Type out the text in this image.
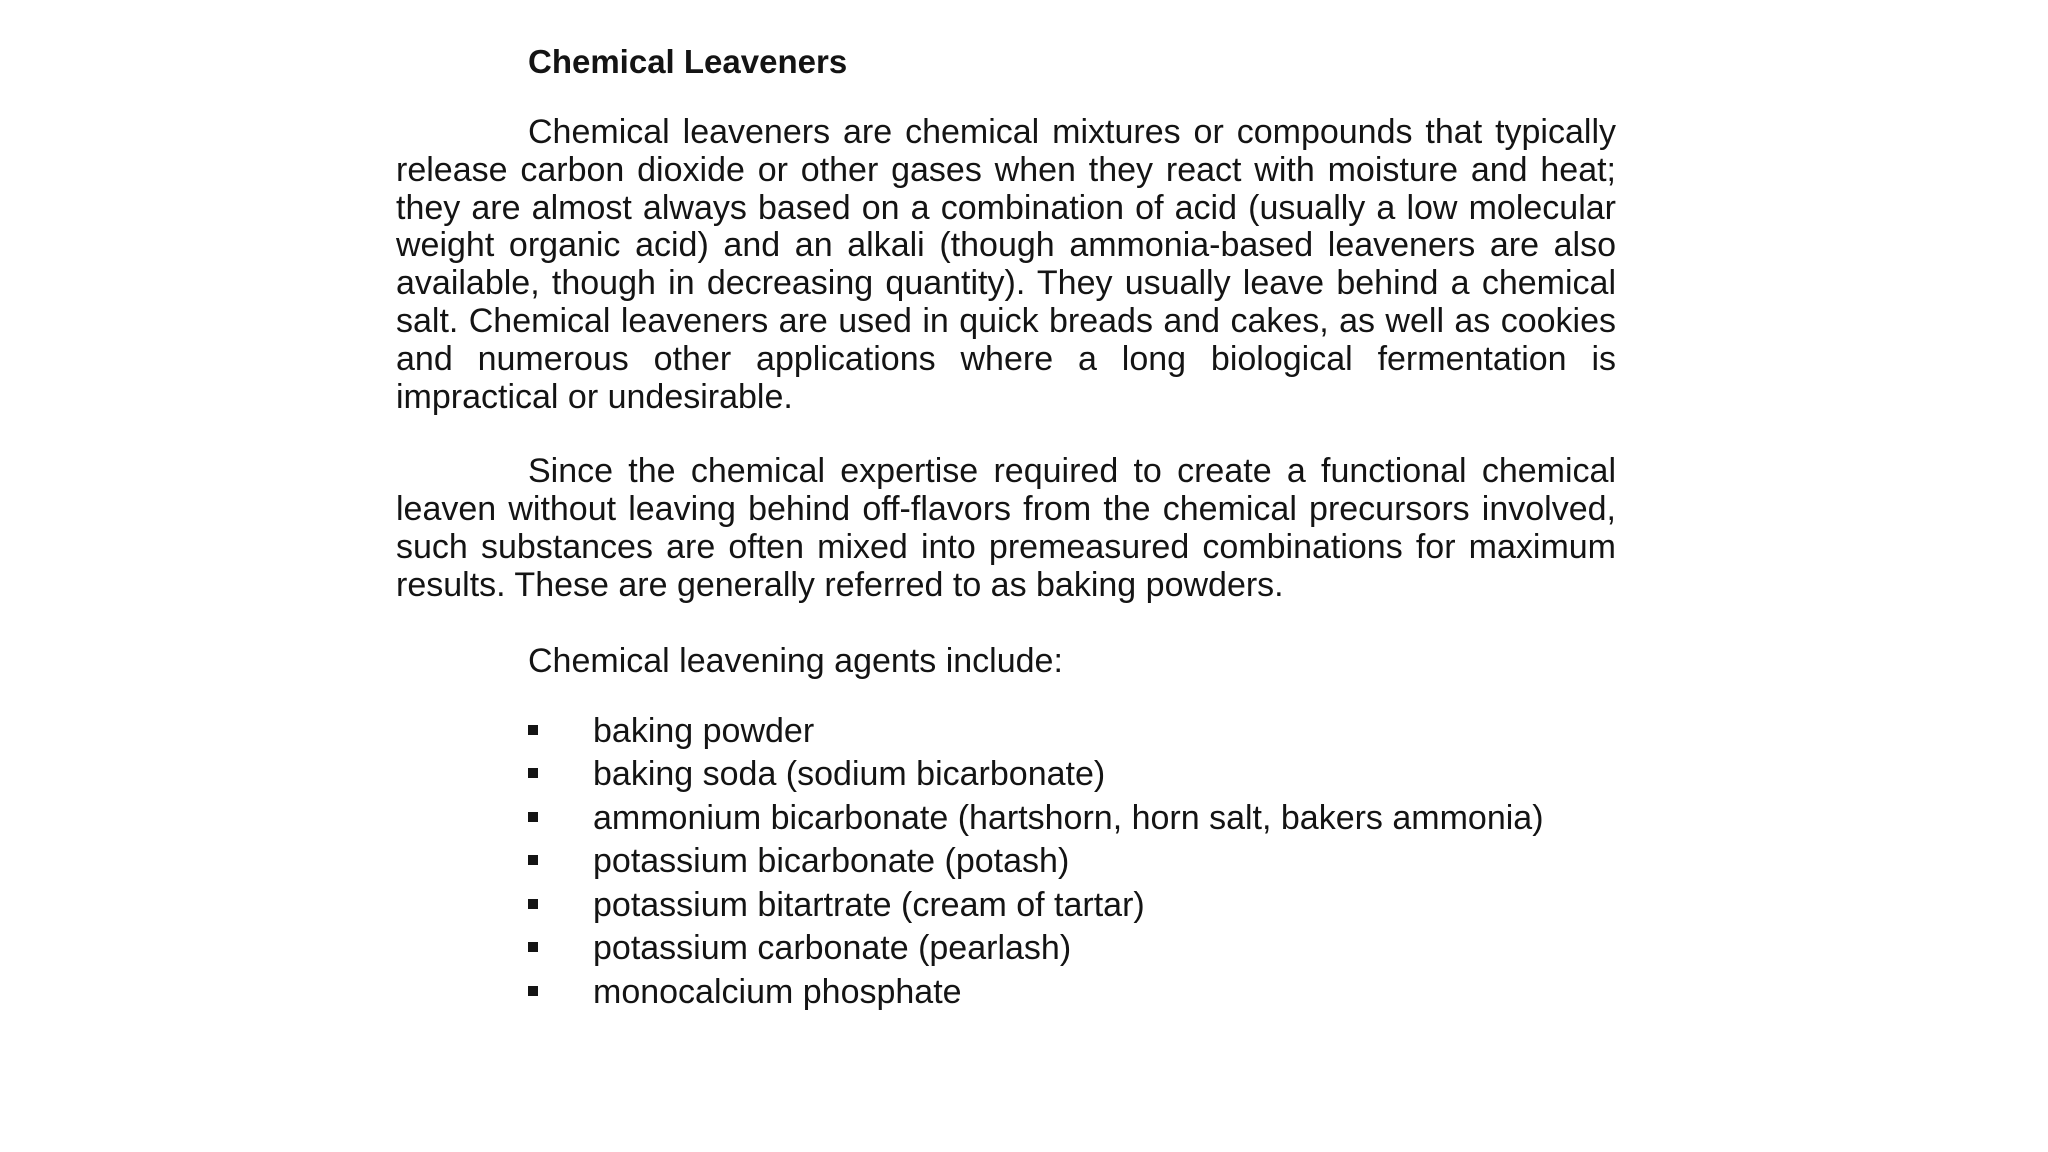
Chemical Leaveners

Chemical leaveners are chemical mixtures or compounds that typically release carbon dioxide or other gases when they react with moisture and heat; they are almost always based on a combination of acid (usually a low molecular weight organic acid) and an alkali (though ammonia-based leaveners are also available, though in decreasing quantity). They usually leave behind a chemical salt. Chemical leaveners are used in quick breads and cakes, as well as cookies and numerous other applications where a long biological fermentation is impractical or undesirable.

Since the chemical expertise required to create a functional chemical leaven without leaving behind off-flavors from the chemical precursors involved, such substances are often mixed into premeasured combinations for maximum results. These are generally referred to as baking powders.

Chemical leavening agents include:
baking powder
baking soda (sodium bicarbonate)
ammonium bicarbonate (hartshorn, horn salt, bakers ammonia)
potassium bicarbonate (potash)
potassium bitartrate (cream of tartar)
potassium carbonate (pearlash)
monocalcium phosphate
